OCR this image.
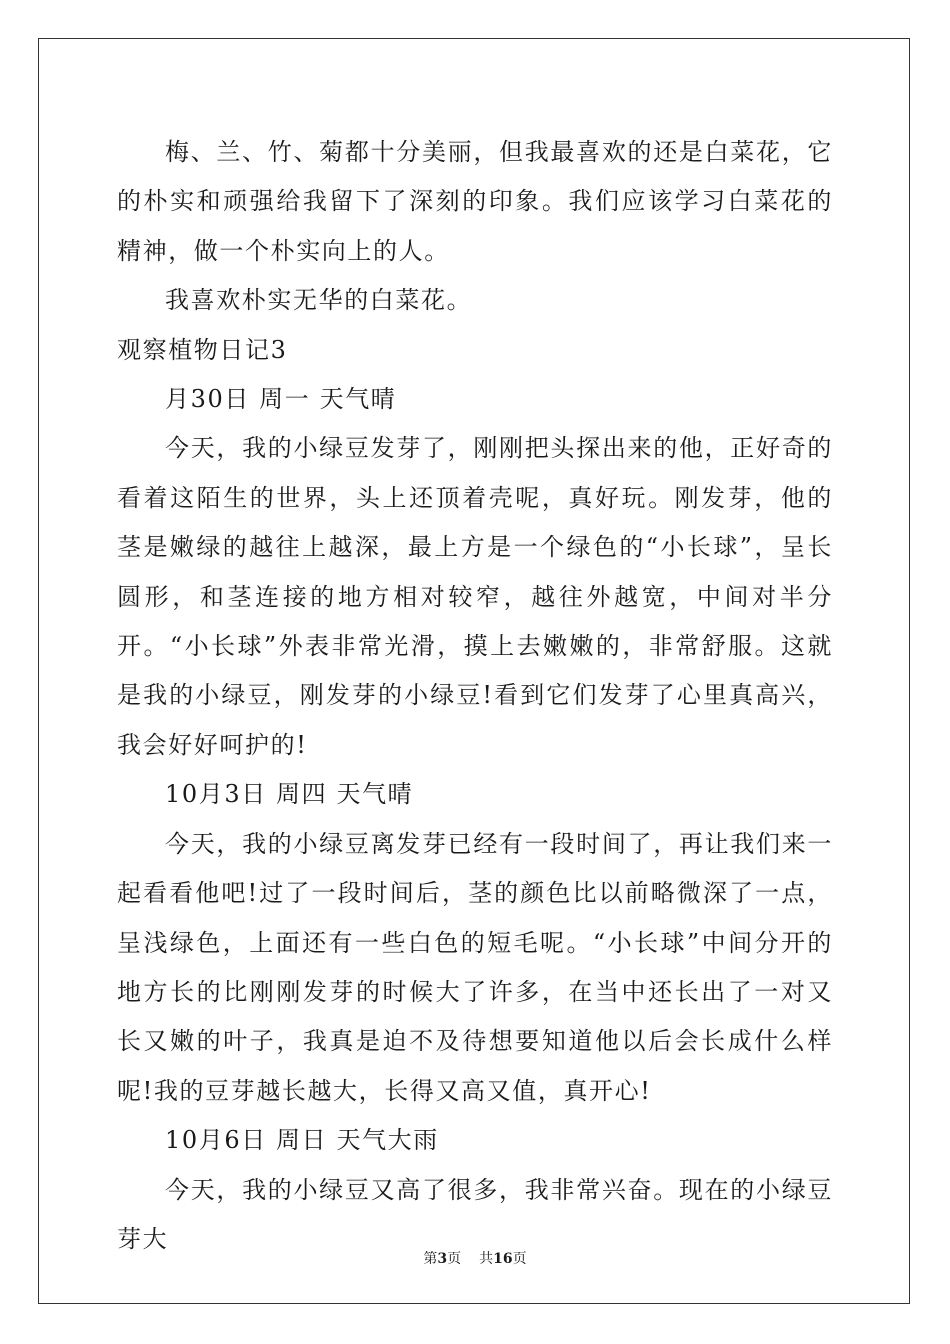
梅、兰、竹、菊都十分美丽，但我最喜欢的还是白菜花，它的朴实和顽强给我留下了深刻的印象。我们应该学习白菜花的精神，做一个朴实向上的人。

我喜欢朴实无华的白菜花。

观察植物日记3

月30日 周一 天气晴

今天，我的小绿豆发芽了，刚刚把头探出来的他，正好奇的看着这陌生的世界，头上还顶着壳呢，真好玩。刚发芽，他的茎是嫩绿的越往上越深，最上方是一个绿色的“小长球”，呈长圆形，和茎连接的地方相对较窄，越往外越宽，中间对半分开。“小长球”外表非常光滑，摸上去嫩嫩的，非常舒服。这就是我的小绿豆，刚发芽的小绿豆!看到它们发芽了心里真高兴，我会好好呵护的!

10月3日 周四 天气晴

今天，我的小绿豆离发芽已经有一段时间了，再让我们来一起看看他吧!过了一段时间后，茎的颜色比以前略微深了一点，呈浅绿色，上面还有一些白色的短毛呢。“小长球”中间分开的地方长的比刚刚发芽的时候大了许多，在当中还长出了一对又长又嫩的叶子，我真是迫不及待想要知道他以后会长成什么样呢!我的豆芽越长越大，长得又高又值，真开心!

10月6日 周日 天气大雨

今天，我的小绿豆又高了很多，我非常兴奋。现在的小绿豆芽大

第3页 共16页
